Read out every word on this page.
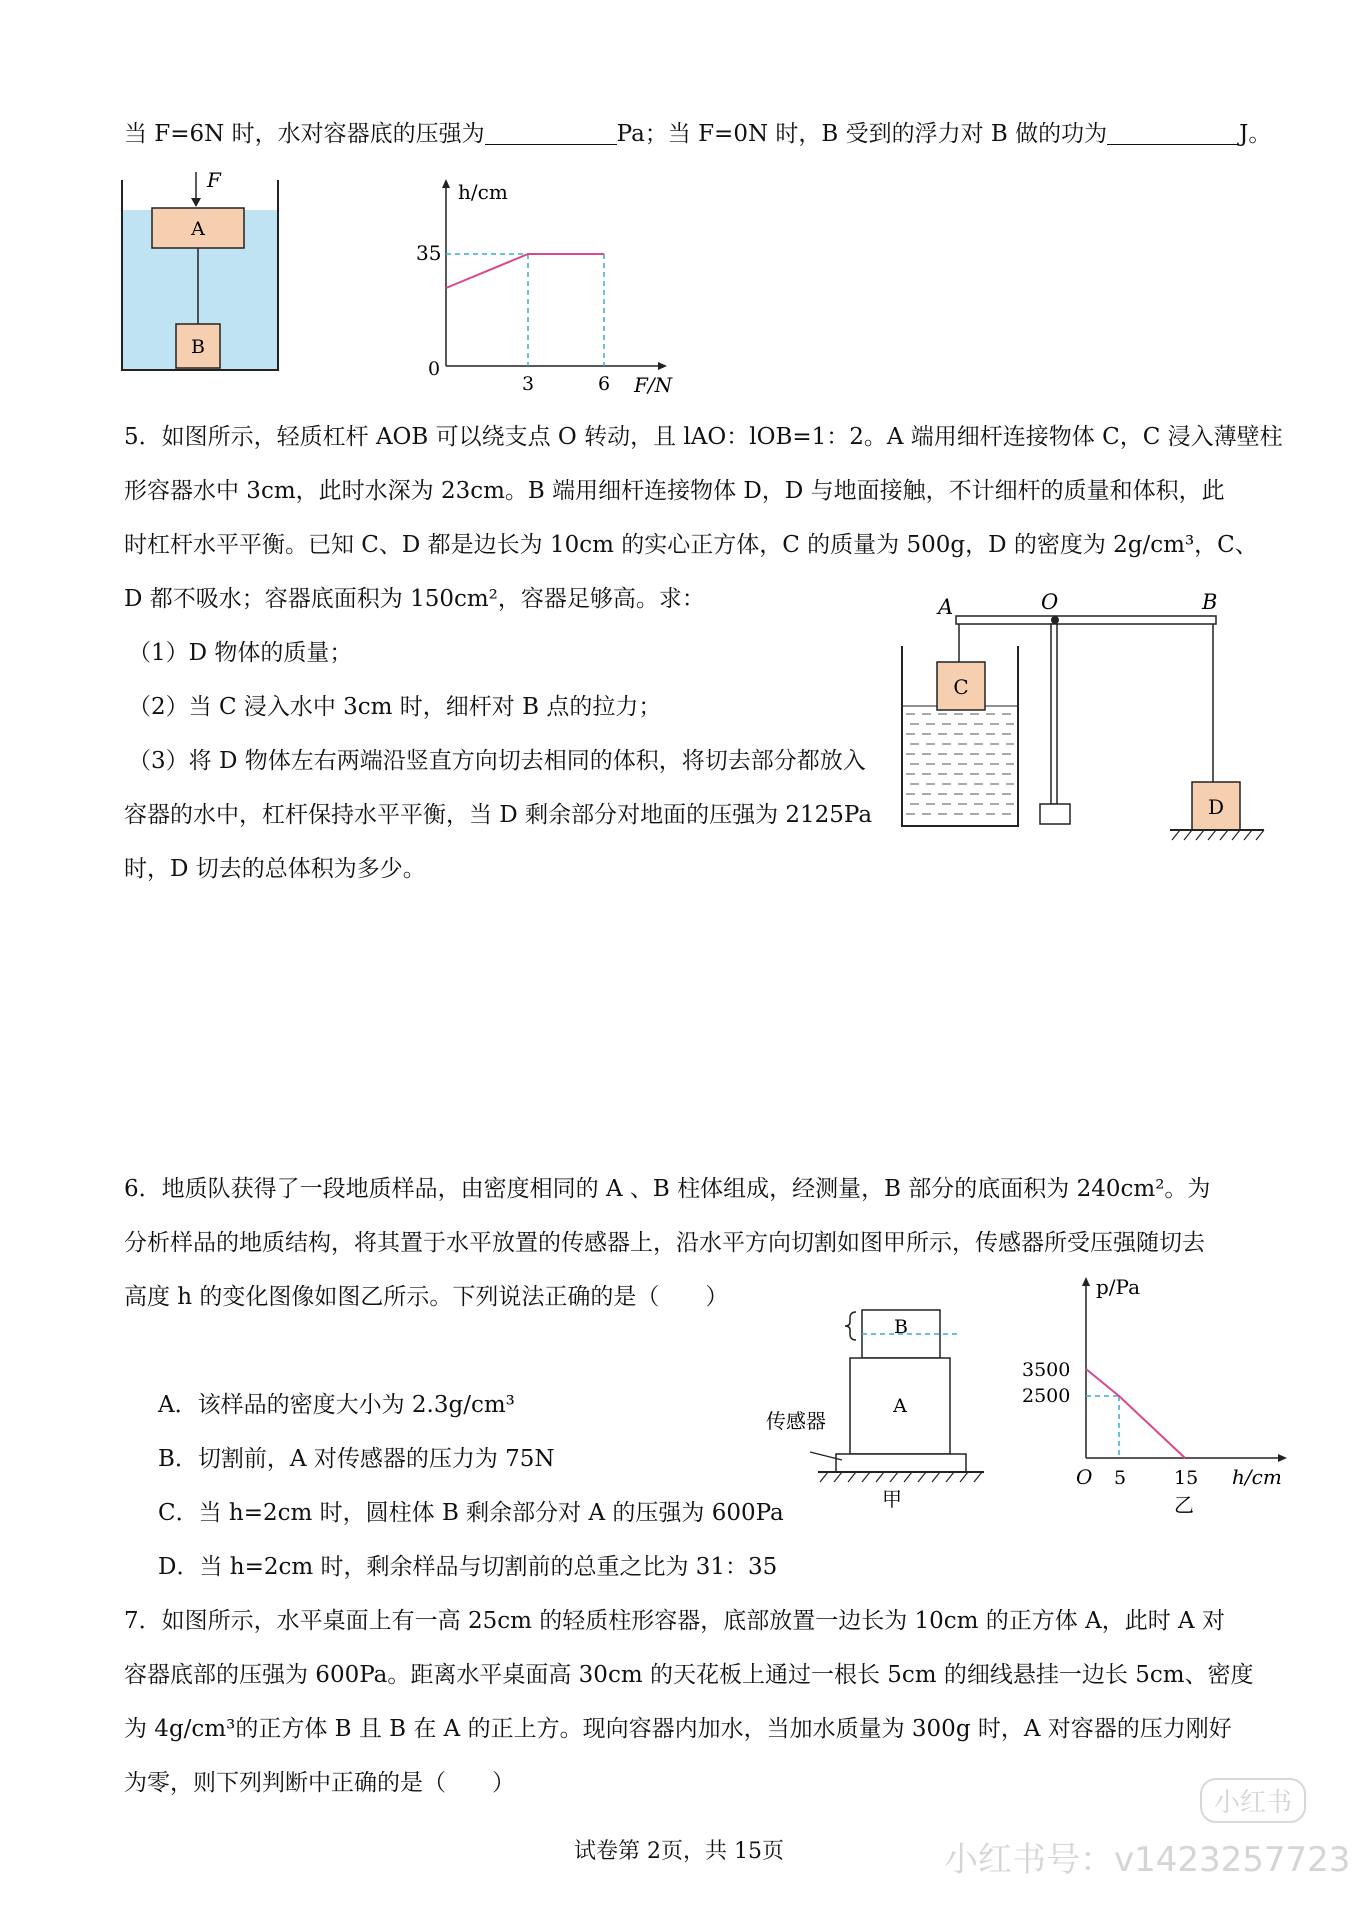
当 F=6N 时，水对容器底的压强为	Pa；当 F=0N 时，B 受到的浮力对 B 做的功为	J。
F
A
B
h/cm
35
0
3	6 F/N
5．如图所示，轻质杠杆 AOB 可以绕支点 O 转动，且 lAO：lOB=1：2。A 端用细杆连接物体 C，C 浸入薄壁柱
形容器水中 3cm，此时水深为 23cm。B 端用细杆连接物体 D，D 与地面接触，不计细杆的质量和体积，此
时杠杆水平平衡。已知 C、D 都是边长为 10cm 的实心正方体，C 的质量为 500g，D 的密度为 2g/cm³，C、
D 都不吸水；容器底面积为 150cm²，容器足够高。求：
（1）D 物体的质量；
（2）当 C 浸入水中 3cm 时，细杆对 B 点的拉力；
（3）将 D 物体左右两端沿竖直方向切去相同的体积，将切去部分都放入
容器的水中，杠杆保持水平平衡，当 D 剩余部分对地面的压强为 2125Pa
时，D 切去的总体积为多少。
A	O	B
C
D
6．地质队获得了一段地质样品，由密度相同的 A 、B 柱体组成，经测量，B 部分的底面积为 240cm²。为
分析样品的地质结构，将其置于水平放置的传感器上，沿水平方向切割如图甲所示，传感器所受压强随切去
高度 h 的变化图像如图乙所示。下列说法正确的是（　　）
A．该样品的密度大小为 2.3g/cm³
B．切割前，A 对传感器的压力为 75N
C．当 h=2cm 时，圆柱体 B 剩余部分对 A 的压强为 600Pa
D．当 h=2cm 时，剩余样品与切割前的总重之比为 31：35
B
A
传感器
甲
p/Pa
3500
2500
O 5	15 h/cm
乙
7．如图所示，水平桌面上有一高 25cm 的轻质柱形容器，底部放置一边长为 10cm 的正方体 A，此时 A 对
容器底部的压强为 600Pa。距离水平桌面高 30cm 的天花板上通过一根长 5cm 的细线悬挂一边长 5cm、密度
为 4g/cm³的正方体 B 且 B 在 A 的正上方。现向容器内加水，当加水质量为 300g 时，A 对容器的压力刚好
为零，则下列判断中正确的是（　　）
试卷第 2页，共 15页
小红书
小红书号：v1423257723
